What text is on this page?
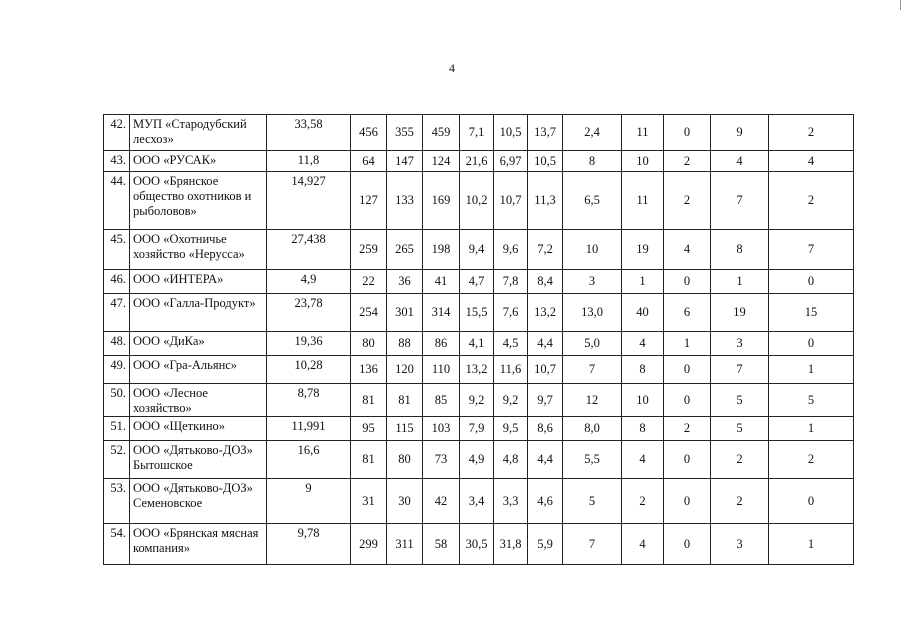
4
42.	МУП «Стародубский лесхоз»	33,58	456	355	459	7,1	10,5	13,7	2,4	11	0	9	2
43.	ООО «РУСАК»	11,8	64	147	124	21,6	6,97	10,5	8	10	2	4	4
44.	ООО «Брянское общество охотников и рыболовов»	14,927	127	133	169	10,2	10,7	11,3	6,5	11	2	7	2
45.	ООО «Охотничье хозяйство «Нерусса»	27,438	259	265	198	9,4	9,6	7,2	10	19	4	8	7
46.	ООО «ИНТЕРА»	4,9	22	36	41	4,7	7,8	8,4	3	1	0	1	0
47.	ООО «Галла-Продукт»	23,78	254	301	314	15,5	7,6	13,2	13,0	40	6	19	15
48.	ООО «ДиКа»	19,36	80	88	86	4,1	4,5	4,4	5,0	4	1	3	0
49.	ООО «Гра-Альянс»	10,28	136	120	110	13,2	11,6	10,7	7	8	0	7	1
50.	ООО «Лесное хозяйство»	8,78	81	81	85	9,2	9,2	9,7	12	10	0	5	5
51.	ООО «Щеткино»	11,991	95	115	103	7,9	9,5	8,6	8,0	8	2	5	1
52.	ООО «Дятьково-ДОЗ» Бытошское	16,6	81	80	73	4,9	4,8	4,4	5,5	4	0	2	2
53.	ООО «Дятьково-ДОЗ» Семеновское	9	31	30	42	3,4	3,3	4,6	5	2	0	2	0
54.	ООО «Брянская мясная компания»	9,78	299	311	58	30,5	31,8	5,9	7	4	0	3	1
